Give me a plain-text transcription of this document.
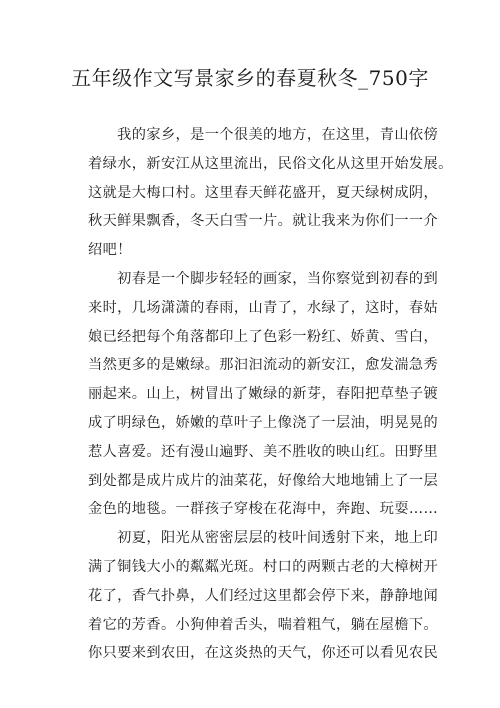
五年级作文写景家乡的春夏秋冬_750字
　　我的家乡，是一个很美的地方，在这里，青山依傍
着绿水，新安江从这里流出，民俗文化从这里开始发展。
这就是大梅口村。这里春天鲜花盛开，夏天绿树成阴，
秋天鲜果飘香，冬天白雪一片。就让我来为你们一一介
绍吧！
　　初春是一个脚步轻轻的画家，当你察觉到初春的到
来时，几场潇潇的春雨，山青了，水绿了，这时，春姑
娘已经把每个角落都印上了色彩一粉红、娇黄、雪白，
当然更多的是嫩绿。那汩汩流动的新安江，愈发湍急秀
丽起来。山上，树冒出了嫩绿的新芽，春阳把草垫子镀
成了明绿色，娇嫩的草叶子上像浇了一层油，明晃晃的
惹人喜爱。还有漫山遍野、美不胜收的映山红。田野里
到处都是成片成片的油菜花，好像给大地地铺上了一层
金色的地毯。一群孩子穿梭在花海中，奔跑、玩耍……
　　初夏，阳光从密密层层的枝叶间透射下来，地上印
满了铜钱大小的粼粼光斑。村口的两颗古老的大樟树开
花了，香气扑鼻，人们经过这里都会停下来，静静地闻
着它的芳香。小狗伸着舌头，喘着粗气，躺在屋檐下。
你只要来到农田，在这炎热的天气，你还可以看见农民
